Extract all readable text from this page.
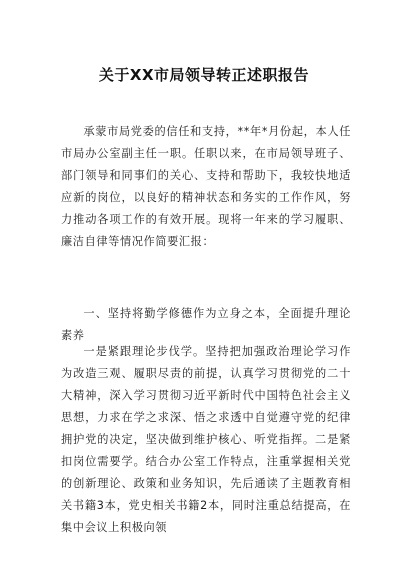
关于XX市局领导转正述职报告

承蒙市局党委的信任和支持，**年*月份起，本人任市局办公室副主任一职。任职以来，在市局领导班子、部门领导和同事们的关心、支持和帮助下，我较快地适应新的岗位，以良好的精神状态和务实的工作作风，努力推动各项工作的有效开展。现将一年来的学习履职、廉洁自律等情况作简要汇报：

一、坚持将勤学修德作为立身之本，全面提升理论素养

一是紧跟理论步伐学。坚持把加强政治理论学习作为改造三观、履职尽责的前提，认真学习贯彻党的二十大精神，深入学习贯彻习近平新时代中国特色社会主义思想，力求在学之求深、悟之求透中自觉遵守党的纪律拥护党的决定，坚决做到维护核心、听党指挥。二是紧扣岗位需要学。结合办公室工作特点，注重掌握相关党的创新理论、政策和业务知识，先后通读了主题教育相关书籍3本，党史相关书籍2本，同时注重总结提高，在集中会议上积极向领
